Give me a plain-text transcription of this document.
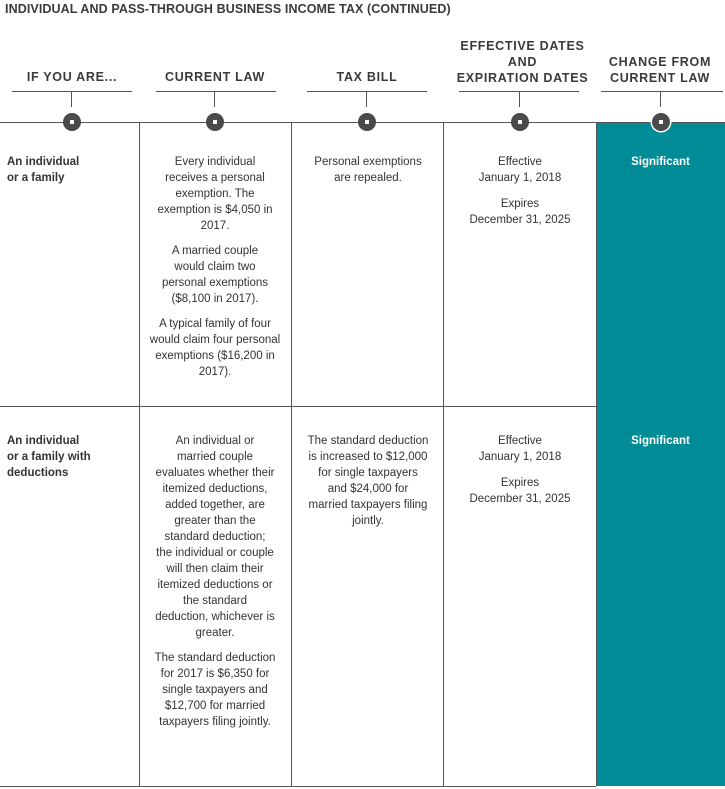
INDIVIDUAL AND PASS-THROUGH BUSINESS INCOME TAX (CONTINUED)
IF YOU ARE...	CURRENT LAW	TAX BILL
EFFECTIVE DATES
AND
EXPIRATION DATES
CHANGE FROM
CURRENT LAW
An individual
or a family

Every individual receives a personal exemption. The exemption is $4,050 in 2017.

A married couple would claim two personal exemptions ($8,100 in 2017).

A typical family of four would claim four personal exemptions ($16,200 in 2017).

Personal exemptions are repealed.

Effective
January 1, 2018
Expires
December 31, 2025
Significant
An individual
or a family with
deductions

An individual or married couple evaluates whether their itemized deductions, added together, are greater than the standard deduction; the individual or couple will then claim their itemized deductions or the standard deduction, whichever is greater.

The standard deduction for 2017 is $6,350 for single taxpayers and $12,700 for married taxpayers filing jointly.

The standard deduction is increased to $12,000 for single taxpayers and $24,000 for married taxpayers filing jointly.

Effective
January 1, 2018
Expires
December 31, 2025
Significant
